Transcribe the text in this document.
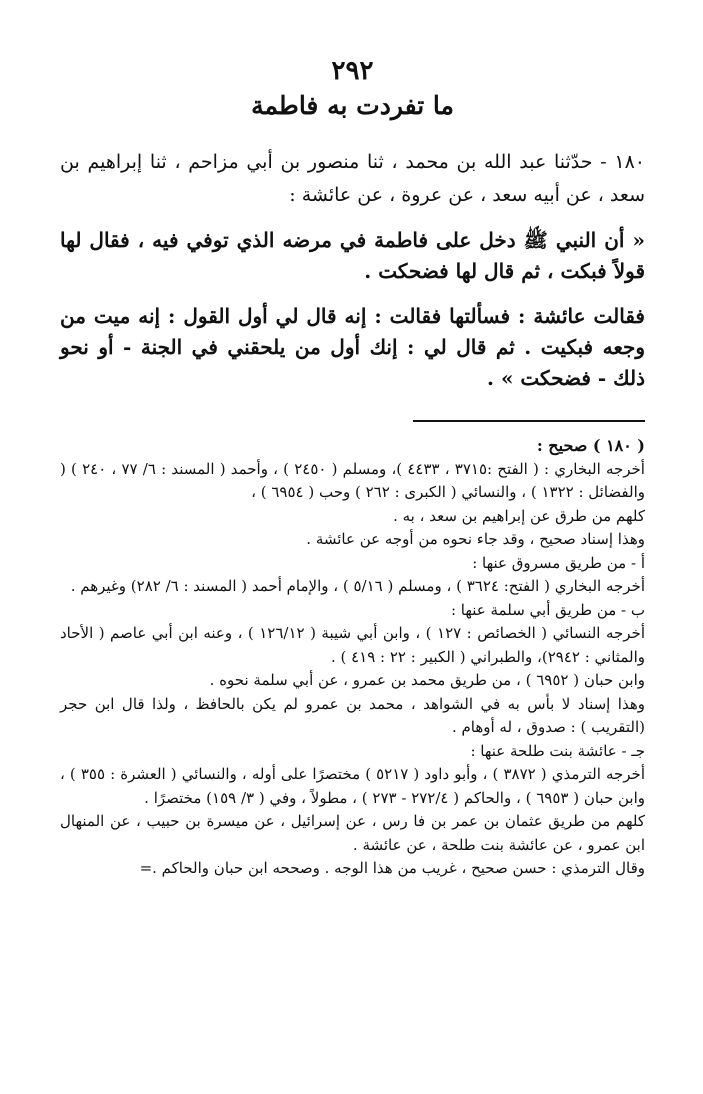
٢٩٢
ما تفردت به فاطمة

١٨٠ - حدّثنا عبد الله بن محمد ، ثنا منصور بن أبي مزاحم ، ثنا إبراهيم بن سعد ، عن أبيه سعد ، عن عروة ، عن عائشة :

« أن النبي ﷺ دخل على فاطمة في مرضه الذي توفي فيه ، فقال لها قولاً فبكت ، ثم قال لها فضحكت .

فقالت عائشة : فسألتها فقالت : إنه قال لي أول القول : إنه ميت من وجعه فبكيت . ثم قال لي : إنك أول من يلحقني في الجنة - أو نحو ذلك - فضحكت » .

( ١٨٠ ) صحيح :

أخرجه البخاري : ( الفتح :٣٧١٥ ، ٤٤٣٣ )، ومسلم ( ٢٤٥٠ ) ، وأحمد ( المسند : ٦/ ٧٧ ، ٢٤٠ ) ( والفضائل : ١٣٢٢ ) ، والنسائي ( الكبرى : ٢٦٢ ) وحب ( ٦٩٥٤ ) ،

كلهم من طرق عن إبراهيم بن سعد ، به .

وهذا إسناد صحيح ، وقد جاء نحوه من أوجه عن عائشة .

أ - من طريق مسروق عنها :

أخرجه البخاري ( الفتح: ٣٦٢٤ ) ، ومسلم ( ٥/١٦ ) ، والإمام أحمد ( المسند : ٦/ ٢٨٢) وغيرهم .

ب - من طريق أبي سلمة عنها :

أخرجه النسائي ( الخصائص : ١٢٧ ) ، وابن أبي شيبة ( ١٢٦/١٢ ) ، وعنه ابن أبي عاصم ( الأحاد والمثاني : ٢٩٤٢)، والطبراني ( الكبير : ٢٢ : ٤١٩ ) .

وابن حبان ( ٦٩٥٢ ) ، من طريق محمد بن عمرو ، عن أبي سلمة نحوه .

وهذا إسناد لا بأس به في الشواهد ، محمد بن عمرو لم يكن بالحافظ ، ولذا قال ابن حجر (التقريب ) : صدوق ، له أوهام .

جـ - عائشة بنت طلحة عنها :

أخرجه الترمذي ( ٣٨٧٢ ) ، وأبو داود ( ٥٢١٧ ) مختصرًا على أوله ، والنسائي ( العشرة : ٣٥٥ ) ، وابن حبان ( ٦٩٥٣ ) ، والحاكم ( ٢٧٢/٤ - ٢٧٣ ) ، مطولاً ، وفي ( ٣/ ١٥٩) مختصرًا .

كلهم من طريق عثمان بن عمر بن فا رس ، عن إسرائيل ، عن ميسرة بن حبيب ، عن المنهال ابن عمرو ، عن عائشة بنت طلحة ، عن عائشة .

وقال الترمذي : حسن صحيح ، غريب من هذا الوجه . وصححه ابن حبان والحاكم .=
